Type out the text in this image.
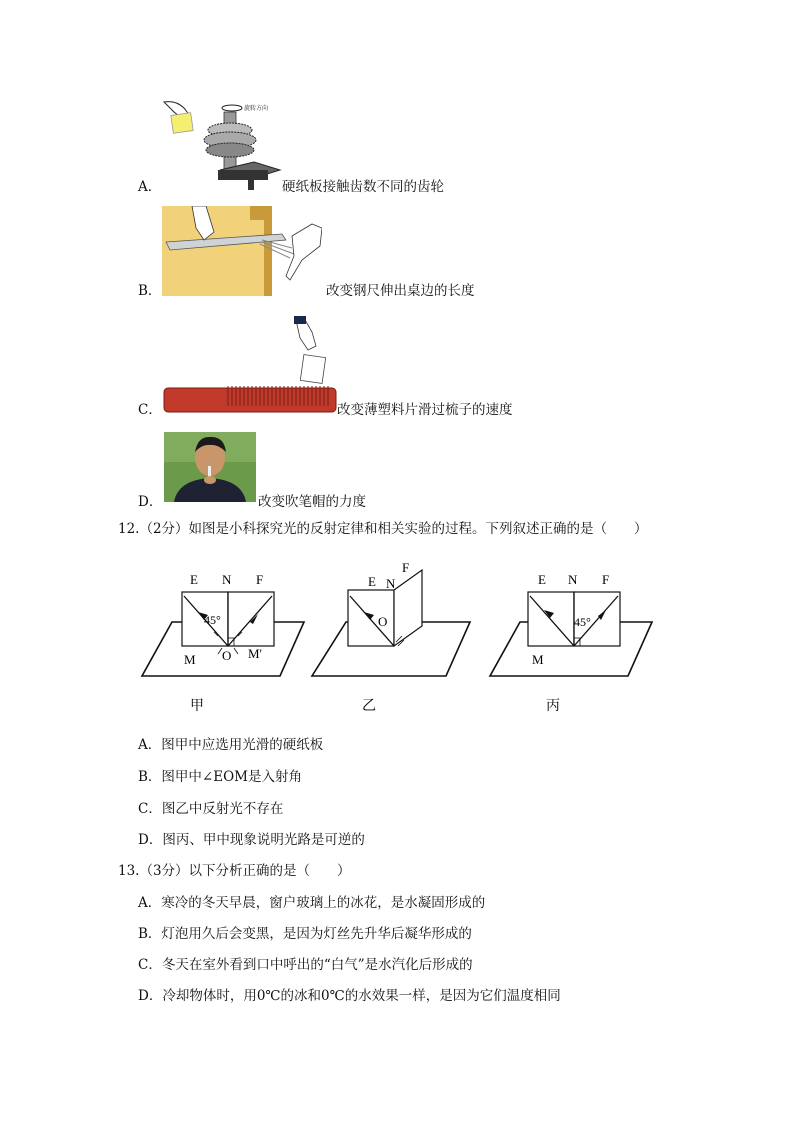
A．
旋转方向
硬纸板接触齿数不同的齿轮
B．	改变钢尺伸出桌边的长度
C．	改变薄塑料片滑过梳子的速度
D．	改变吹笔帽的力度
12.（2分）如图是小科探究光的反射定律和相关实验的过程。下列叙述正确的是（　　）
E N F
45°
M O M'
甲
E N
F
O
乙
E N F
45°
M
丙
A．图甲中应选用光滑的硬纸板
B．图甲中∠EOM是入射角
C．图乙中反射光不存在
D．图丙、甲中现象说明光路是可逆的
13.（3分）以下分析正确的是（　　）
A．寒冷的冬天早晨，窗户玻璃上的冰花，是水凝固形成的
B．灯泡用久后会变黑，是因为灯丝先升华后凝华形成的
C．冬天在室外看到口中呼出的“白气”是水汽化后形成的
D．冷却物体时，用0℃的冰和0℃的水效果一样，是因为它们温度相同
